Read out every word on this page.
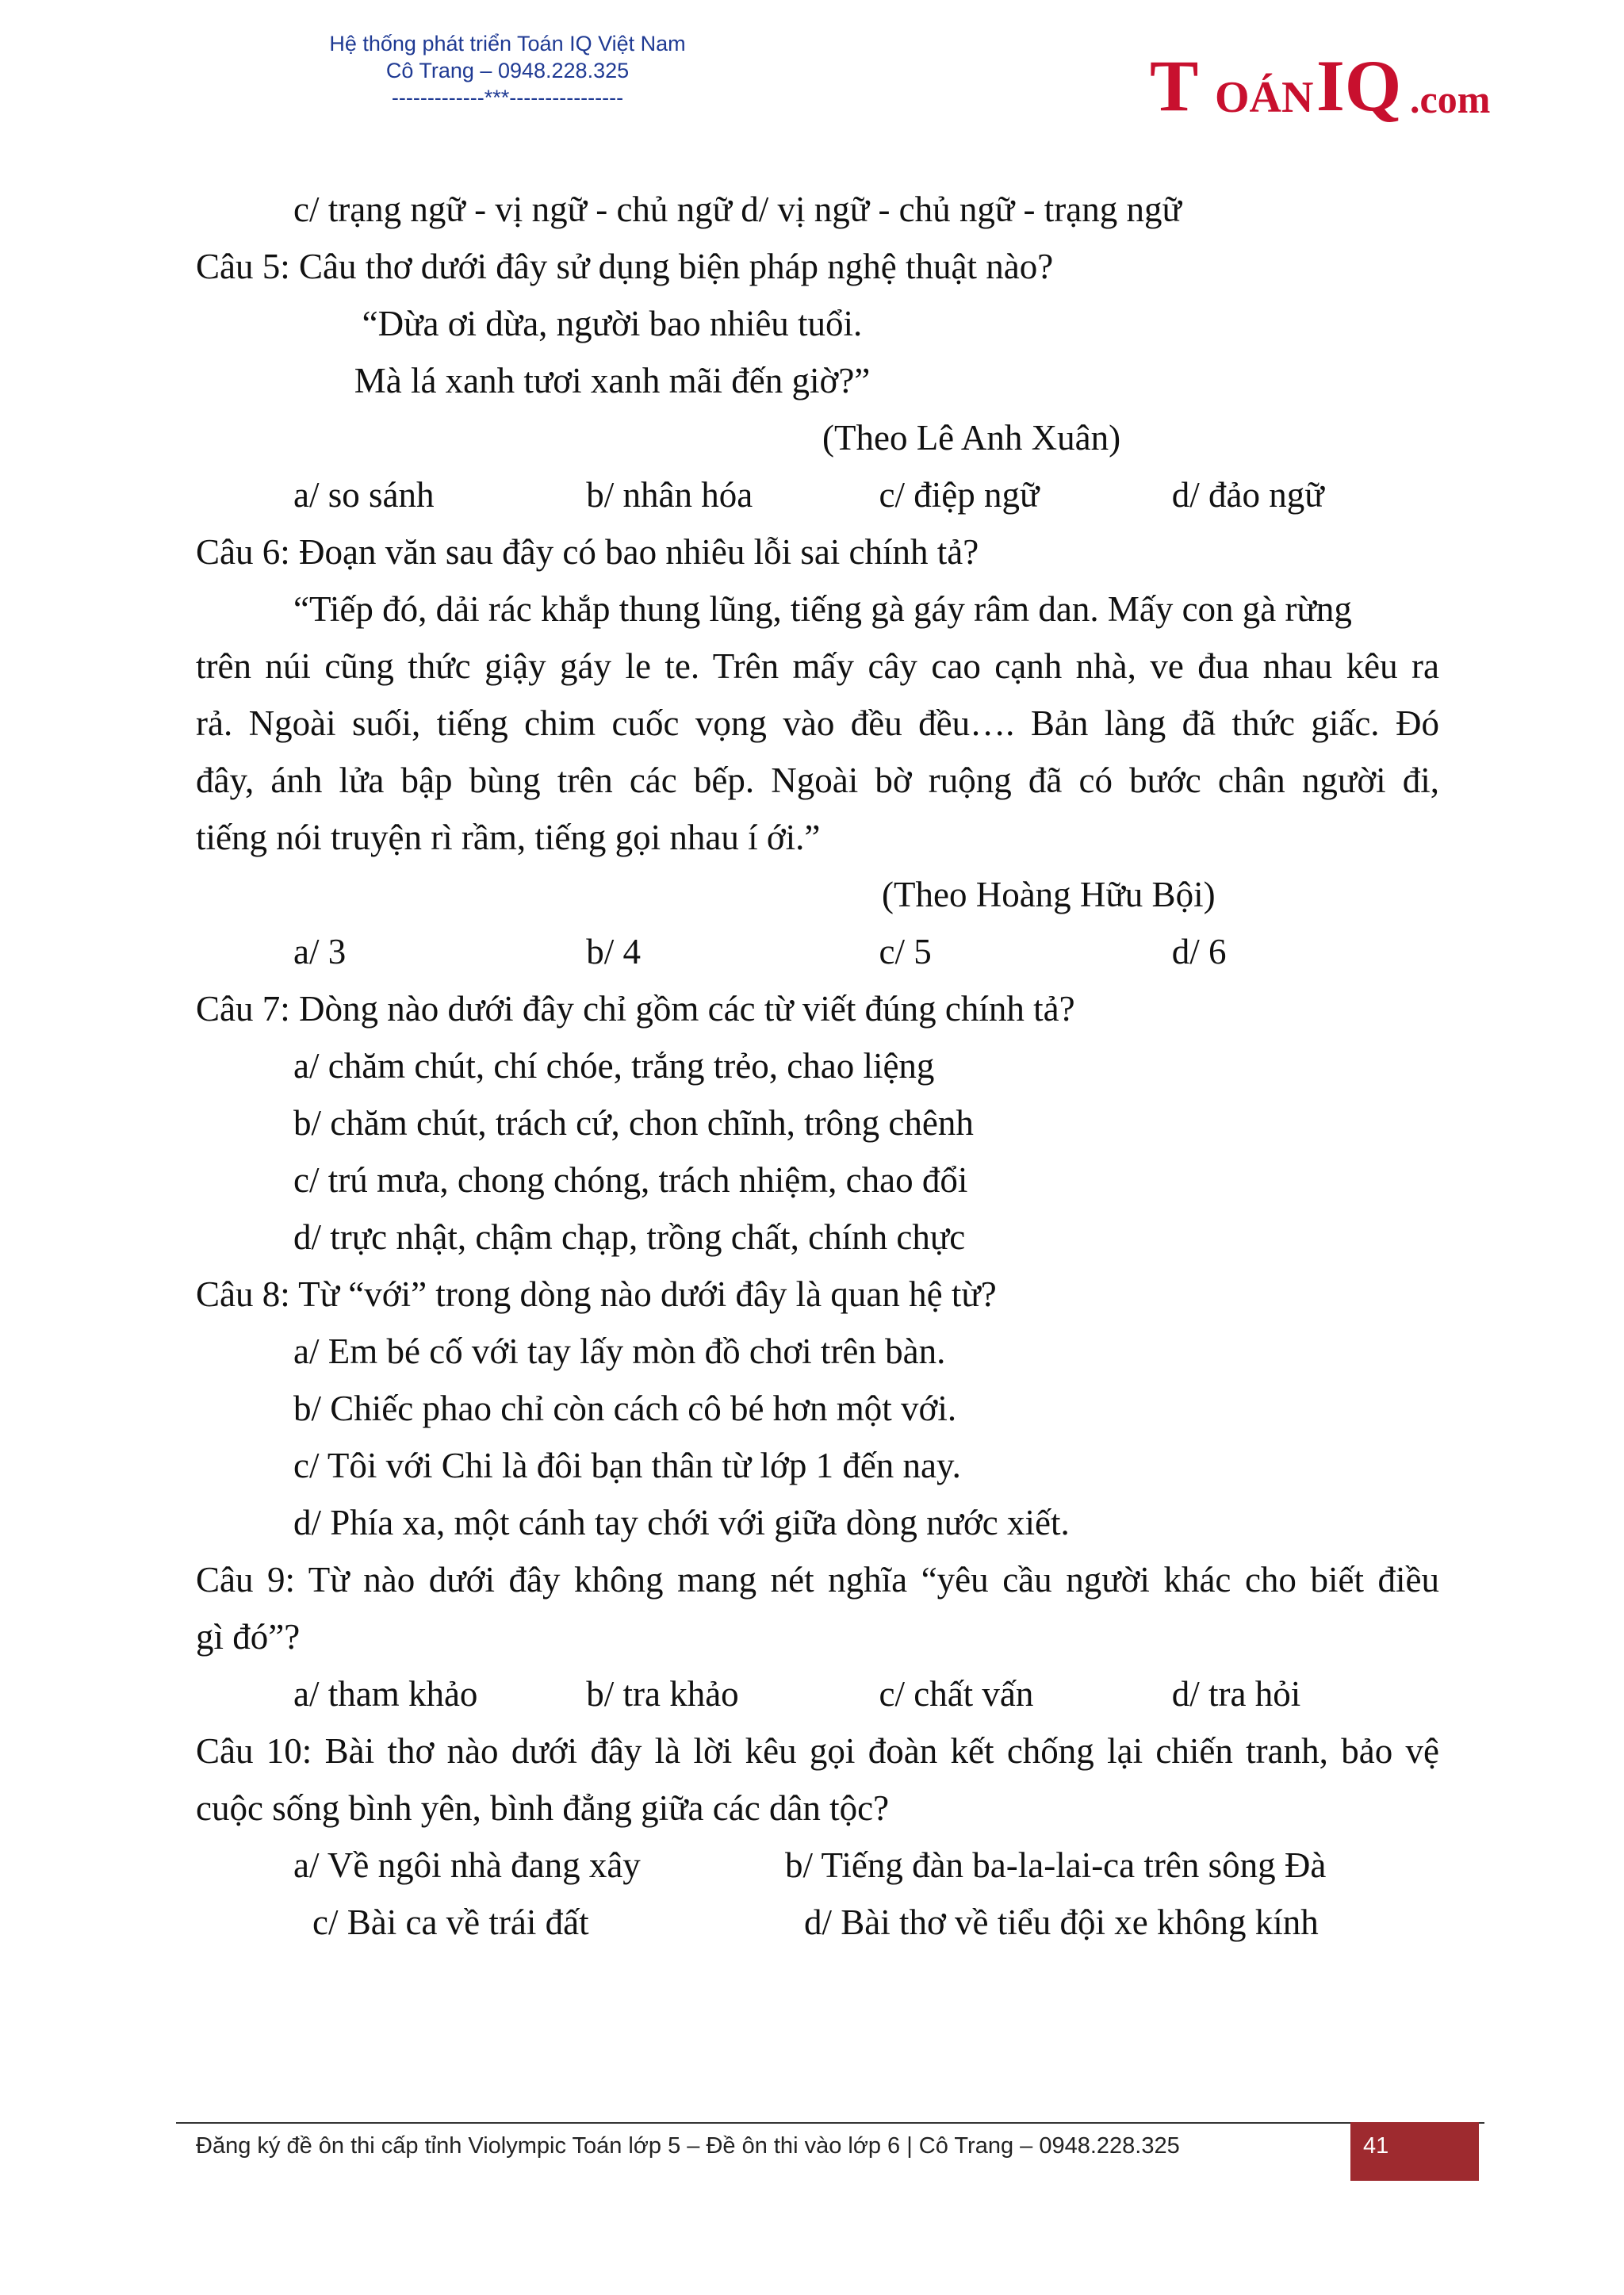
Hệ thống phát triển Toán IQ Việt Nam
Cô Trang – 0948.228.325
-------------***----------------	T OÁN IQ .com
c/ trạng ngữ - vị ngữ - chủ ngữ d/ vị ngữ - chủ ngữ - trạng ngữ
Câu 5: Câu thơ dưới đây sử dụng biện pháp nghệ thuật nào?
“Dừa ơi dừa, người bao nhiêu tuổi.
Mà lá xanh tươi xanh mãi đến giờ?”
(Theo Lê Anh Xuân)
a/ so sánh	b/ nhân hóa	c/ điệp ngữ	d/ đảo ngữ
Câu 6: Đoạn văn sau đây có bao nhiêu lỗi sai chính tả?
“Tiếp đó, dải rác khắp thung lũng, tiếng gà gáy râm dan. Mấy con gà rừng
trên núi cũng thức giậy gáy le te. Trên mấy cây cao cạnh nhà, ve đua nhau kêu ra
rả. Ngoài suối, tiếng chim cuốc vọng vào đều đều…. Bản làng đã thức giấc. Đó
đây, ánh lửa bập bùng trên các bếp. Ngoài bờ ruộng đã có bước chân người đi,
tiếng nói truyện rì rầm, tiếng gọi nhau í ới.”
(Theo Hoàng Hữu Bội)
a/ 3	b/ 4	c/ 5	d/ 6
Câu 7: Dòng nào dưới đây chỉ gồm các từ viết đúng chính tả?
a/ chăm chút, chí chóe, trắng trẻo, chao liệng
b/ chăm chút, trách cứ, chon chĩnh, trông chênh
c/ trú mưa, chong chóng, trách nhiệm, chao đổi
d/ trực nhật, chậm chạp, trồng chất, chính chực
Câu 8: Từ “với” trong dòng nào dưới đây là quan hệ từ?
a/ Em bé cố với tay lấy mòn đồ chơi trên bàn.
b/ Chiếc phao chỉ còn cách cô bé hơn một với.
c/ Tôi với Chi là đôi bạn thân từ lớp 1 đến nay.
d/ Phía xa, một cánh tay chới với giữa dòng nước xiết.
Câu 9: Từ nào dưới đây không mang nét nghĩa “yêu cầu người khác cho biết điều
gì đó”?
a/ tham khảo	b/ tra khảo	c/ chất vấn	d/ tra hỏi
Câu 10: Bài thơ nào dưới đây là lời kêu gọi đoàn kết chống lại chiến tranh, bảo vệ
cuộc sống bình yên, bình đẳng giữa các dân tộc?
a/ Về ngôi nhà đang xây	b/ Tiếng đàn ba-la-lai-ca trên sông Đà
c/ Bài ca về trái đất	d/ Bài thơ về tiểu đội xe không kính
Đăng ký đề ôn thi cấp tỉnh Violympic Toán lớp 5 – Đề ôn thi vào lớp 6 | Cô Trang – 0948.228.325	41
